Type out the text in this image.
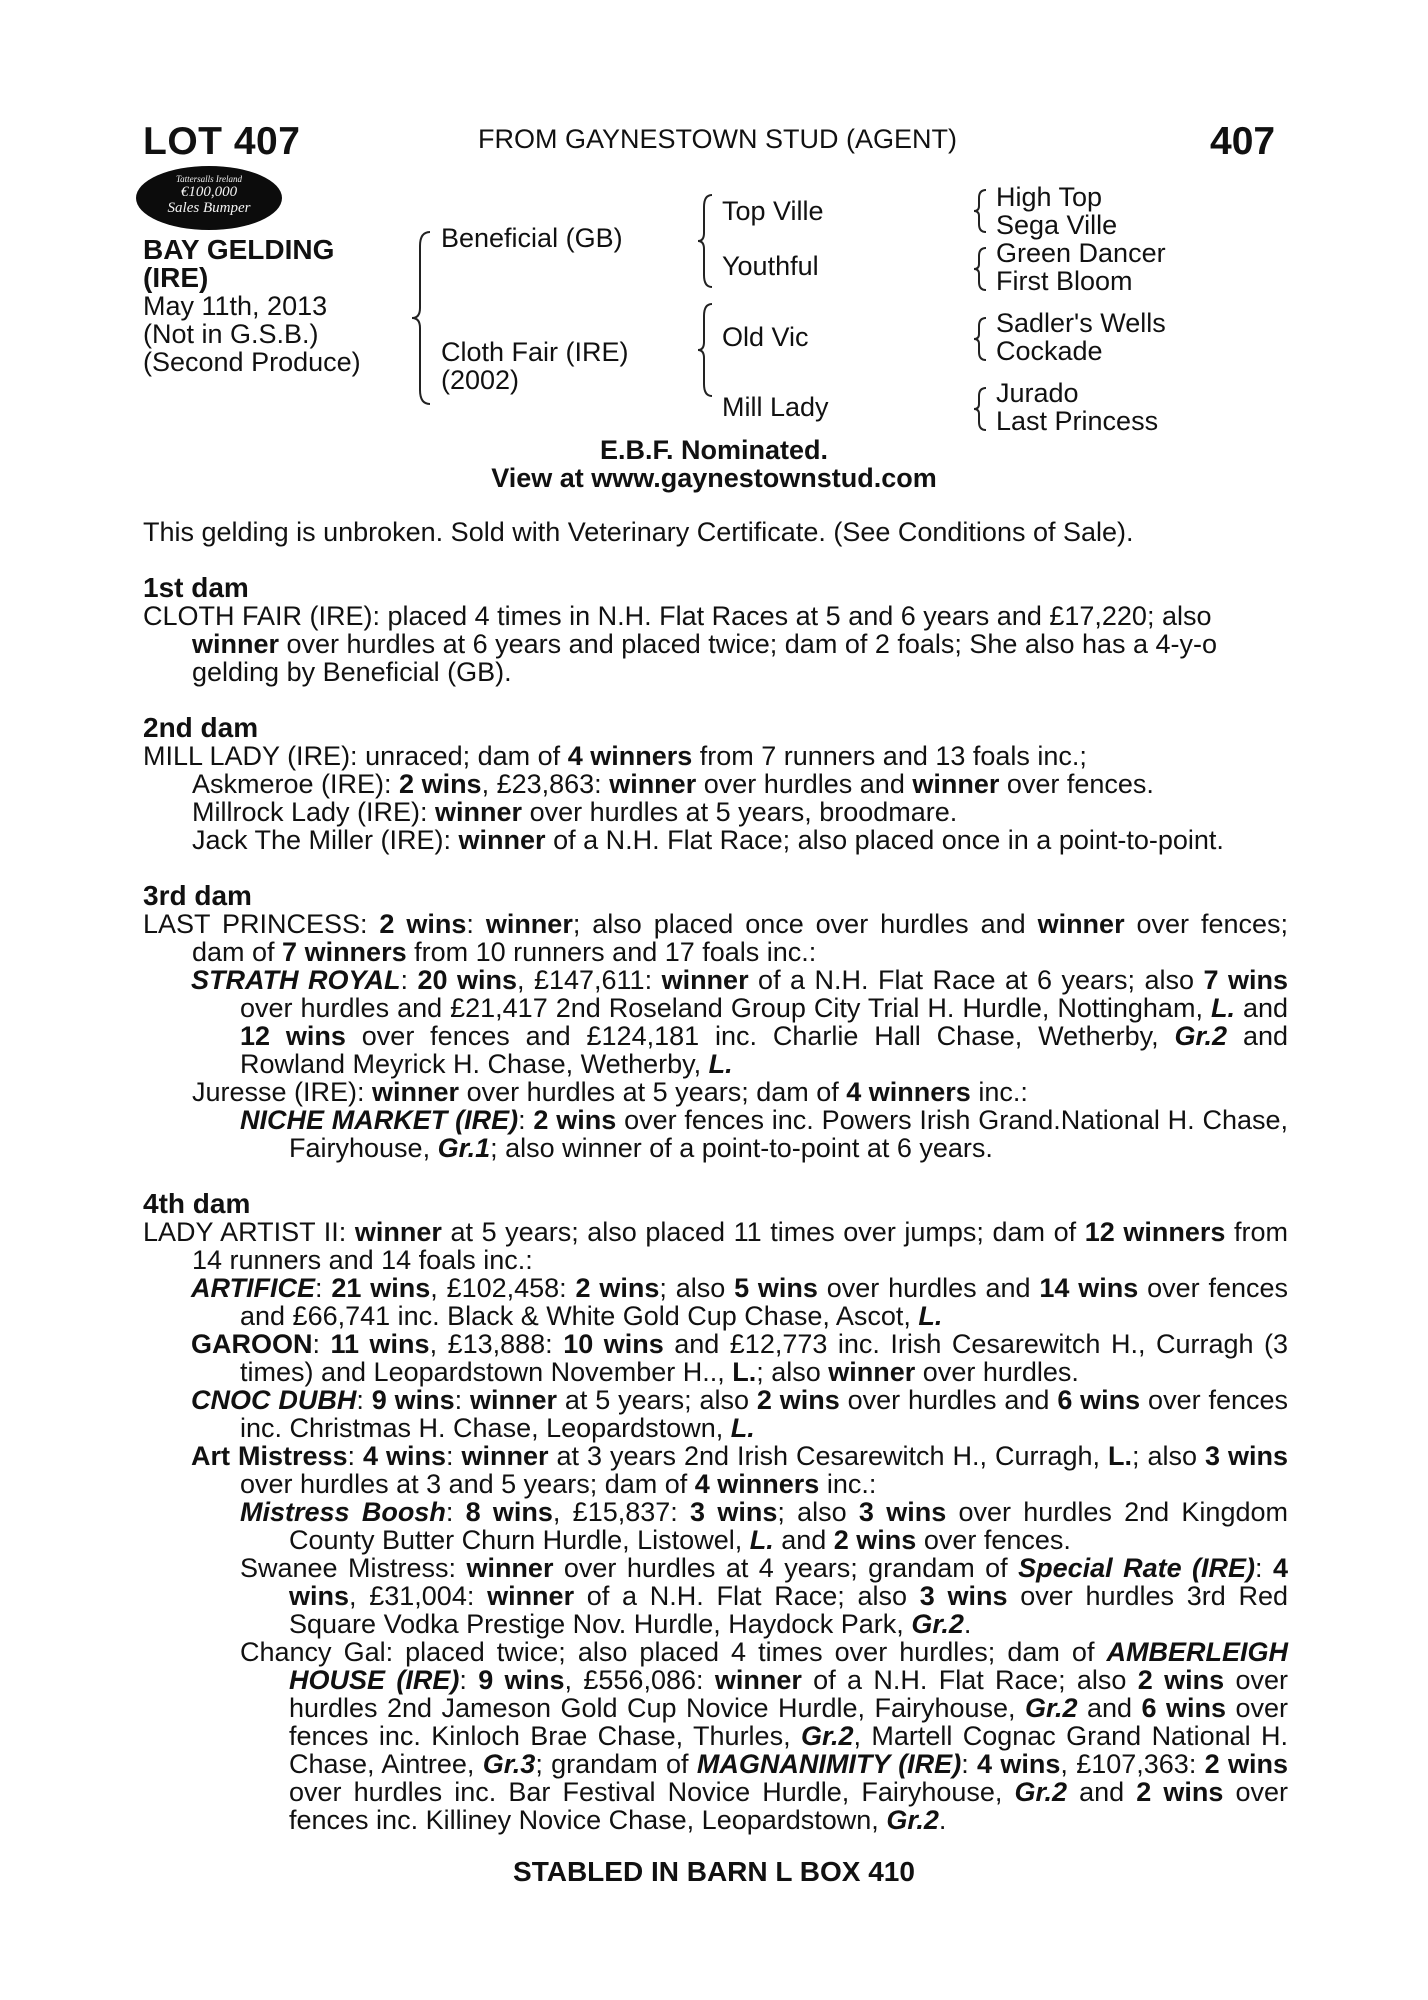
LOT 407	FROM GAYNESTOWN STUD (AGENT)	407
Tattersalls Ireland
€100,000
Sales Bumper
BAY GELDING
(IRE)
May 11th, 2013
(Not in G.S.B.)
(Second Produce)
Beneficial (GB)
Cloth Fair (IRE)
(2002)
Top Ville
Youthful
Old Vic
Mill Lady
High Top
Sega Ville
Green Dancer
First Bloom
Sadler's Wells
Cockade
Jurado
Last Princess
E.B.F. Nominated.
View at www.gaynestownstud.com
This gelding is unbroken. Sold with Veterinary Certificate. (See Conditions of Sale).
1st dam
CLOTH FAIR (IRE): placed 4 times in N.H. Flat Races at 5 and 6 years and £17,220; also
winner over hurdles at 6 years and placed twice; dam of 2 foals; She also has a 4-y-o
gelding by Beneficial (GB).
2nd dam
MILL LADY (IRE): unraced; dam of 4 winners from 7 runners and 13 foals inc.;
Askmeroe (IRE): 2 wins, £23,863: winner over hurdles and winner over fences.
Millrock Lady (IRE): winner over hurdles at 5 years, broodmare.
Jack The Miller (IRE): winner of a N.H. Flat Race; also placed once in a point-to-point.
3rd dam
LAST PRINCESS: 2 wins: winner; also placed once over hurdles and winner over fences; dam of 7 winners from 10 runners and 17 foals inc.:
STRATH ROYAL: 20 wins, £147,611: winner of a N.H. Flat Race at 6 years; also 7 wins over hurdles and £21,417 2nd Roseland Group City Trial H. Hurdle, Nottingham, L. and 12 wins over fences and £124,181 inc. Charlie Hall Chase, Wetherby, Gr.2 and Rowland Meyrick H. Chase, Wetherby, L.
Juresse (IRE): winner over hurdles at 5 years; dam of 4 winners inc.:
NICHE MARKET (IRE): 2 wins over fences inc. Powers Irish Grand.National H. Chase, Fairyhouse, Gr.1; also winner of a point-to-point at 6 years.
4th dam
LADY ARTIST II: winner at 5 years; also placed 11 times over jumps; dam of 12 winners from 14 runners and 14 foals inc.:
ARTIFICE: 21 wins, £102,458: 2 wins; also 5 wins over hurdles and 14 wins over fences and £66,741 inc. Black & White Gold Cup Chase, Ascot, L.
GAROON: 11 wins, £13,888: 10 wins and £12,773 inc. Irish Cesarewitch H., Curragh (3 times) and Leopardstown November H.., L.; also winner over hurdles.
CNOC DUBH: 9 wins: winner at 5 years; also 2 wins over hurdles and 6 wins over fences inc. Christmas H. Chase, Leopardstown, L.
Art Mistress: 4 wins: winner at 3 years 2nd Irish Cesarewitch H., Curragh, L.; also 3 wins over hurdles at 3 and 5 years; dam of 4 winners inc.:
Mistress Boosh: 8 wins, £15,837: 3 wins; also 3 wins over hurdles 2nd Kingdom County Butter Churn Hurdle, Listowel, L. and 2 wins over fences.
Swanee Mistress: winner over hurdles at 4 years; grandam of Special Rate (IRE): 4 wins, £31,004: winner of a N.H. Flat Race; also 3 wins over hurdles 3rd Red Square Vodka Prestige Nov. Hurdle, Haydock Park, Gr.2.
Chancy Gal: placed twice; also placed 4 times over hurdles; dam of AMBERLEIGH HOUSE (IRE): 9 wins, £556,086: winner of a N.H. Flat Race; also 2 wins over hurdles 2nd Jameson Gold Cup Novice Hurdle, Fairyhouse, Gr.2 and 6 wins over fences inc. Kinloch Brae Chase, Thurles, Gr.2, Martell Cognac Grand National H. Chase, Aintree, Gr.3; grandam of MAGNANIMITY (IRE): 4 wins, £107,363: 2 wins over hurdles inc. Bar Festival Novice Hurdle, Fairyhouse, Gr.2 and 2 wins over fences inc. Killiney Novice Chase, Leopardstown, Gr.2.
STABLED IN BARN L BOX 410
